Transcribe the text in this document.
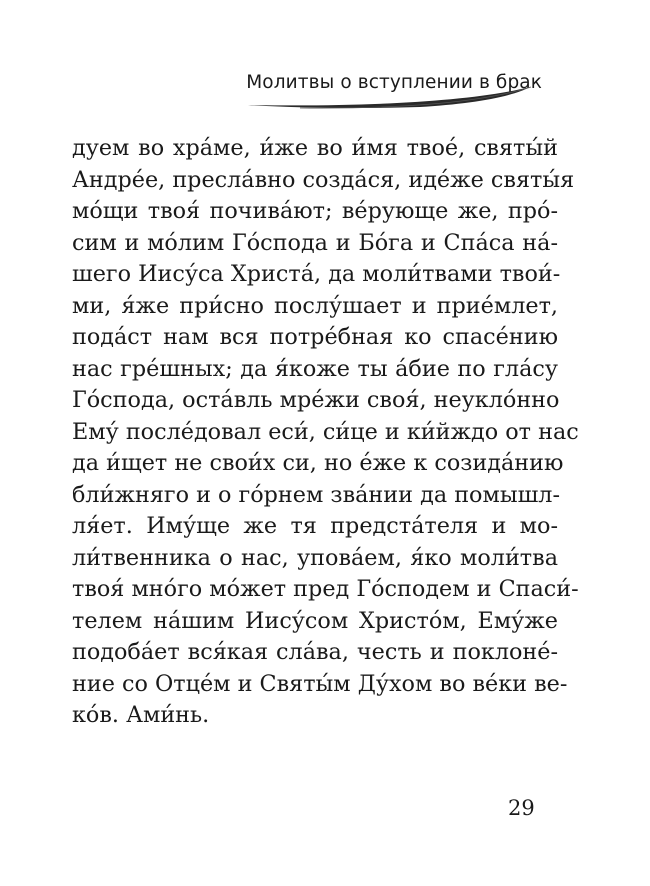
Молитвы о вступлении в брак
дуем во хра́ме, и́же во и́мя твое́, святы́й
Андре́е, пресла́вно созда́ся, иде́же святы́я
мо́щи твоя́ почива́ют; ве́рующе же, про́-
сим и мо́лим Го́спода и Бо́га и Спа́са на́-
шего Иису́са Христа́, да моли́твами твои́-
ми, я́же при́сно послу́шает и прие́млет,
пода́ст нам вся потре́бная ко спасе́нию
нас гре́шных; да я́коже ты а́бие по гла́су
Го́спода, оста́вль мре́жи своя́, неукло́нно
Ему́ после́довал еси́, си́це и ки́йждо от нас
да и́щет не свои́х си, но е́же к созида́нию
бли́жняго и о го́рнем зва́нии да помышл-
ля́ет. Иму́ще же тя предста́теля и мо-
ли́твенника о нас, упова́ем, я́ко моли́тва
твоя́ мно́го мо́жет пред Го́сподем и Спаси́-
телем на́шим Иису́сом Христо́м, Ему́же
подоба́ет вся́кая сла́ва, честь и поклоне́-
ние со Отце́м и Святы́м Ду́хом во ве́ки ве-
ко́в. Ами́нь.
29
